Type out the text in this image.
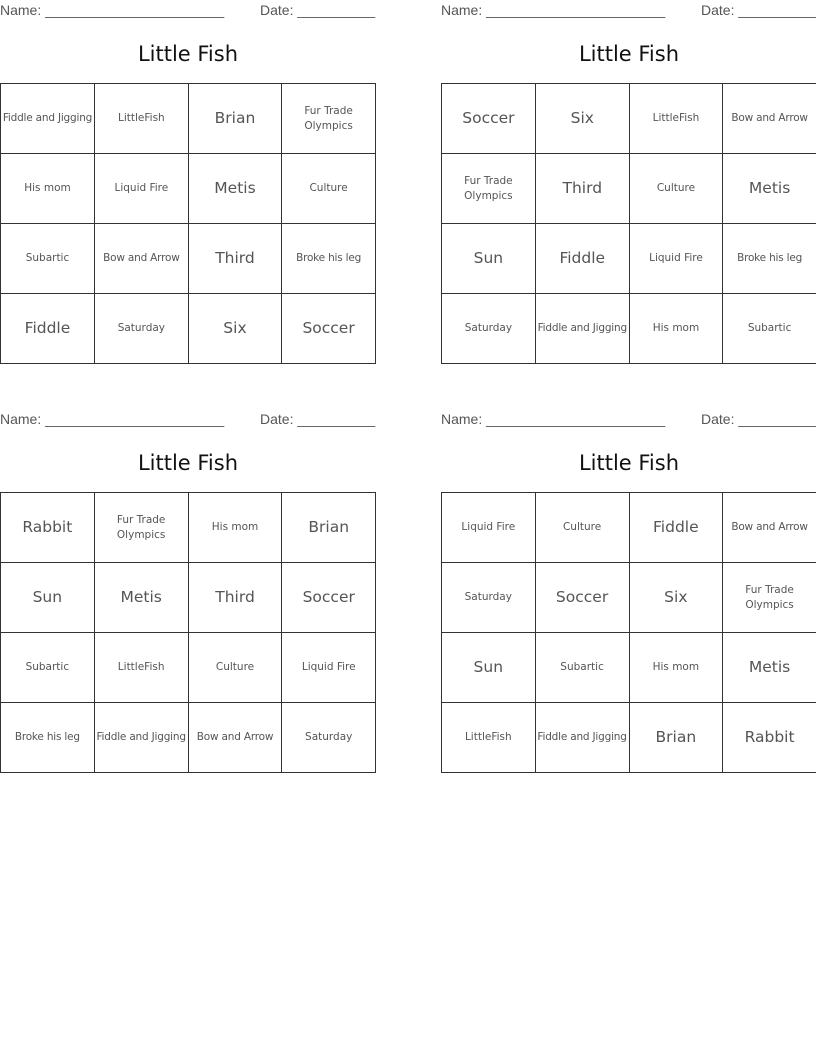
Name: _______________________	Date: __________
Little Fish
Fiddle and Jigging	LittleFish	Brian	Fur Trade Olympics

His mom	Liquid Fire	Metis	Culture

Subartic	Bow and Arrow	Third	Broke his leg

Fiddle	Saturday	Six	Soccer
Name: _______________________	Date: __________
Little Fish
Soccer	Six	LittleFish	Bow and Arrow

Fur Trade Olympics	Third	Culture	Metis

Sun	Fiddle	Liquid Fire	Broke his leg

Saturday	Fiddle and Jigging	His mom	Subartic
Name: _______________________	Date: __________
Little Fish
Rabbit	Fur Trade Olympics	His mom	Brian

Sun	Metis	Third	Soccer

Subartic	LittleFish	Culture	Liquid Fire

Broke his leg	Fiddle and Jigging	Bow and Arrow	Saturday
Name: _______________________	Date: __________
Little Fish
Liquid Fire	Culture	Fiddle	Bow and Arrow

Saturday	Soccer	Six	Fur Trade Olympics

Sun	Subartic	His mom	Metis

LittleFish	Fiddle and Jigging	Brian	Rabbit
